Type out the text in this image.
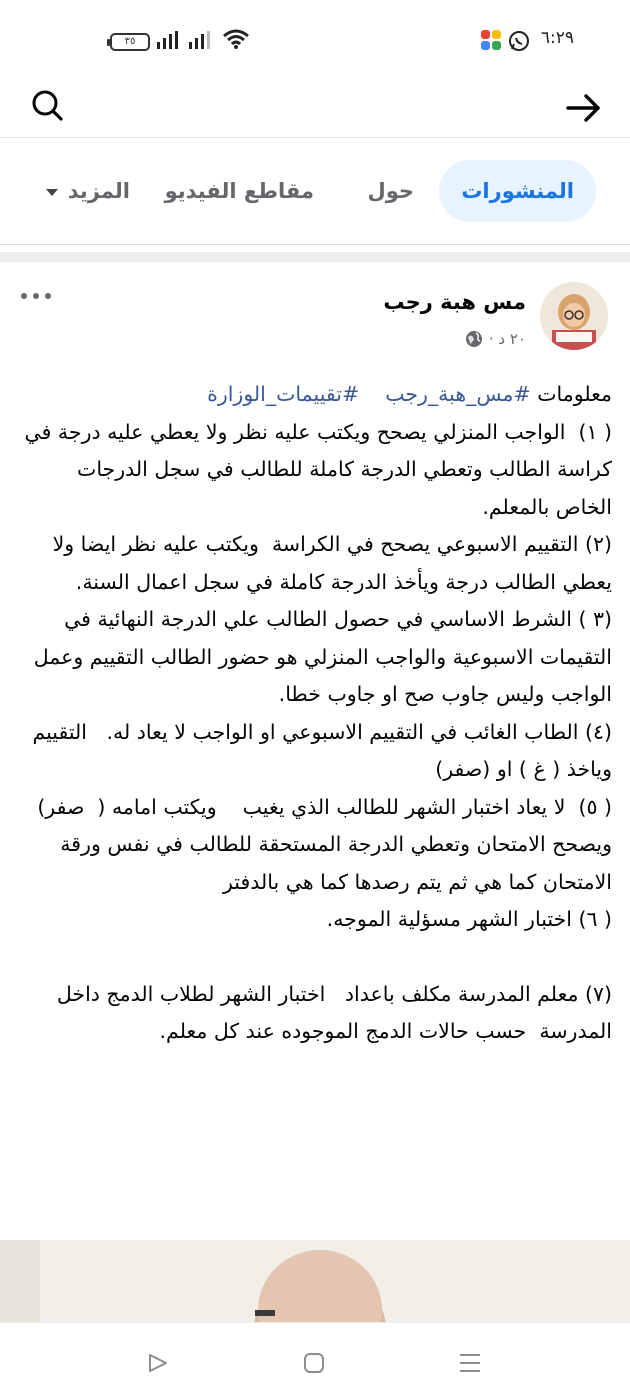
٦:٢٩
٣٥
المنشورات
حول
مقاطع الفيديو
المزيد
مس هبة رجب
٢٠ د ·

معلومات #مس_هبة_رجب    #تقييمات_الوزارة

( ١)  الواجب المنزلي يصحح ويكتب عليه نظر ولا يعطي عليه درجة في كراسة الطالب وتعطي الدرجة كاملة للطالب في سجل الدرجات الخاص بالمعلم.

(٢) التقييم الاسبوعي يصحح في الكراسة  ويكتب عليه نظر ايضا ولا يعطي الطالب درجة ويأخذ الدرجة كاملة في سجل اعمال السنة.

(٣ ) الشرط الاساسي في حصول الطالب علي الدرجة النهائية في التقيمات الاسبوعية والواجب المنزلي هو حضور الطالب التقييم وعمل الواجب وليس جاوب صح او جاوب خطا.

(٤) الطاب الغائب في التقييم الاسبوعي او الواجب لا يعاد له.   التقييم وياخذ ( غ ) او (صفر)

( ٥)  لا يعاد اختبار الشهر للطالب الذي يغيب    ويكتب امامه (  صفر)  ويصحح الامتحان وتعطي الدرجة المستحقة للطالب في نفس ورقة الامتحان كما هي ثم يتم رصدها كما هي بالدفتر

( ٦) اختبار الشهر مسؤلية الموجه.

(٧) معلم المدرسة مكلف باعداد   اختبار الشهر لطلاب الدمج داخل المدرسة  حسب حالات الدمج الموجوده عند كل معلم.
